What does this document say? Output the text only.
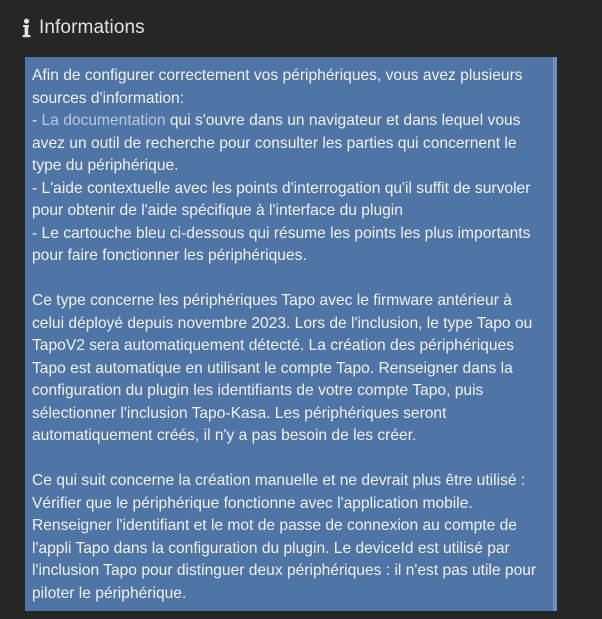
Informations

Afin de configurer correctement vos périphériques, vous avez plusieurs sources d'information:
- La documentation qui s'ouvre dans un navigateur et dans lequel vous avez un outil de recherche pour consulter les parties qui concernent le type du périphérique.
- L'aide contextuelle avec les points d'interrogation qu'il suffit de survoler pour obtenir de l'aide spécifique à l'interface du plugin
- Le cartouche bleu ci-dessous qui résume les points les plus importants pour faire fonctionner les périphériques.

Ce type concerne les périphériques Tapo avec le firmware antérieur à celui déployé depuis novembre 2023. Lors de l'inclusion, le type Tapo ou TapoV2 sera automatiquement détecté. La création des périphériques Tapo est automatique en utilisant le compte Tapo. Renseigner dans la configuration du plugin les identifiants de votre compte Tapo, puis sélectionner l'inclusion Tapo-Kasa. Les périphériques seront automatiquement créés, il n'y a pas besoin de les créer.

Ce qui suit concerne la création manuelle et ne devrait plus être utilisé :
Vérifier que le périphérique fonctionne avec l'application mobile.
Renseigner l'identifiant et le mot de passe de connexion au compte de l'appli Tapo dans la configuration du plugin. Le deviceId est utilisé par l'inclusion Tapo pour distinguer deux périphériques : il n'est pas utile pour piloter le périphérique.
